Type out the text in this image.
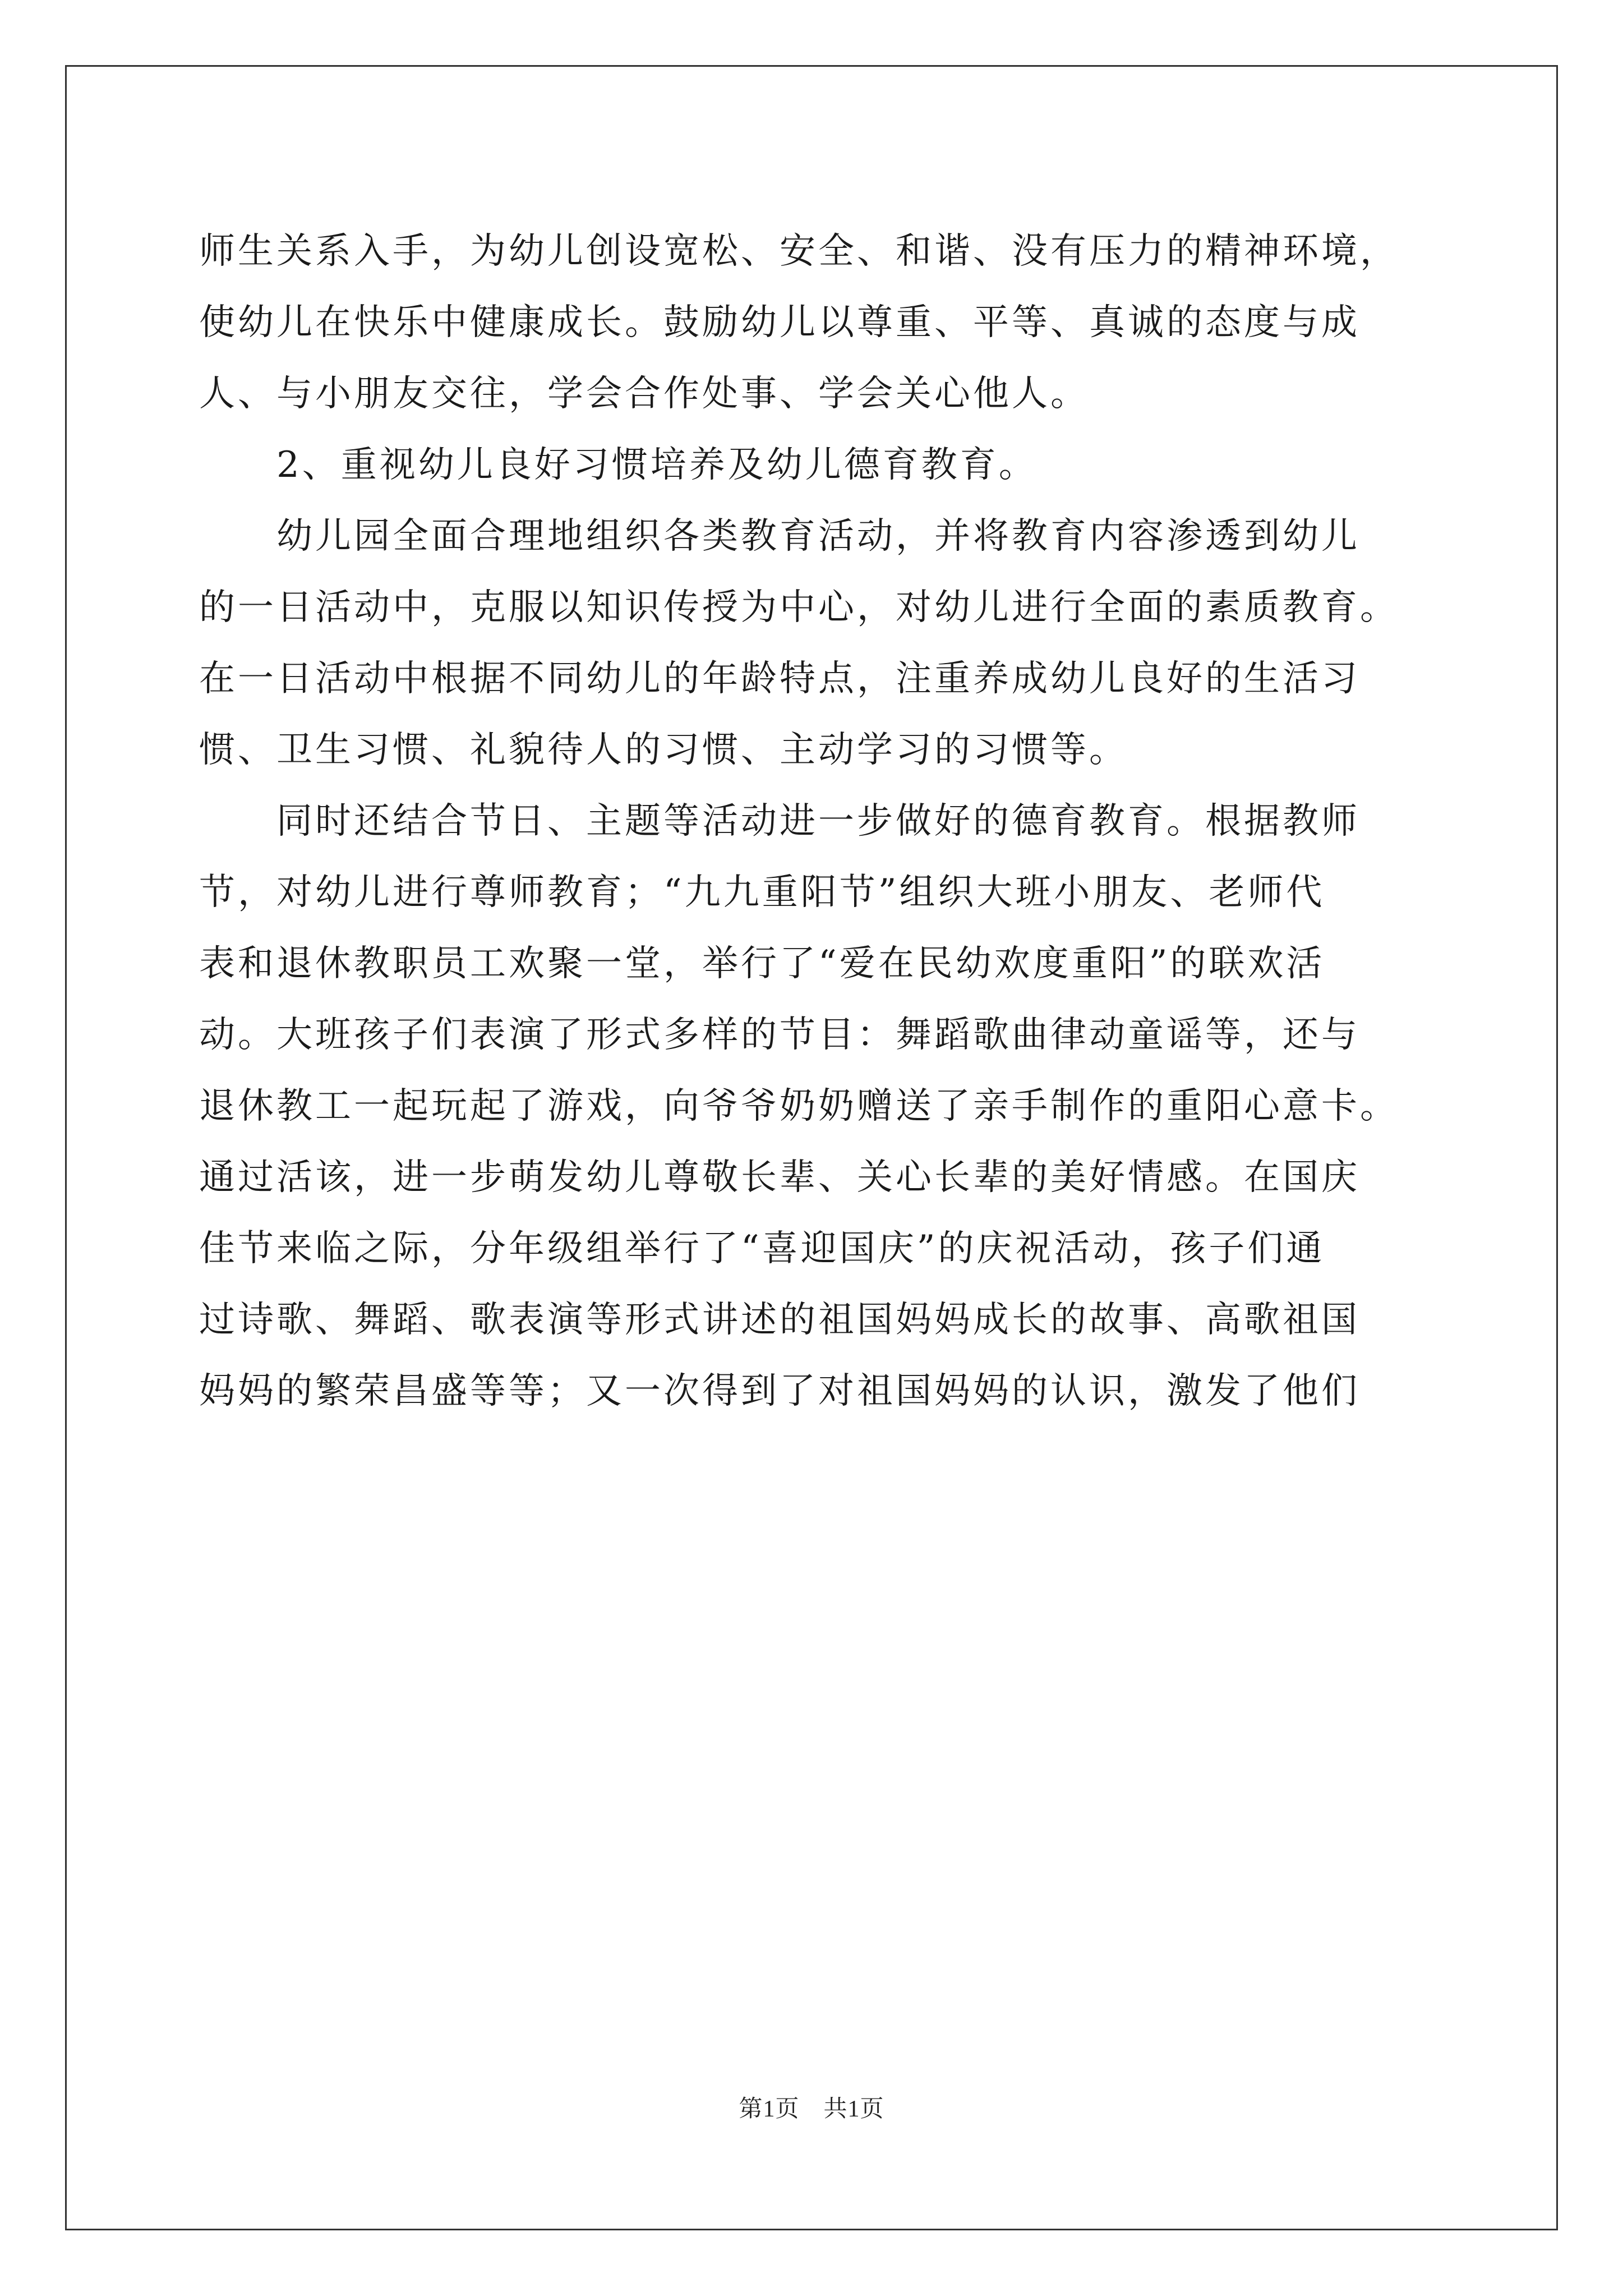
师生关系入手，为幼儿创设宽松、安全、和谐、没有压力的精神环境，
使幼儿在快乐中健康成长。鼓励幼儿以尊重、平等、真诚的态度与成
人、与小朋友交往，学会合作处事、学会关心他人。
　　2、重视幼儿良好习惯培养及幼儿德育教育。
　　幼儿园全面合理地组织各类教育活动，并将教育内容渗透到幼儿
的一日活动中，克服以知识传授为中心，对幼儿进行全面的素质教育。
在一日活动中根据不同幼儿的年龄特点，注重养成幼儿良好的生活习
惯、卫生习惯、礼貌待人的习惯、主动学习的习惯等。
　　同时还结合节日、主题等活动进一步做好的德育教育。根据教师
节，对幼儿进行尊师教育；“九九重阳节”组织大班小朋友、老师代
表和退休教职员工欢聚一堂，举行了“爱在民幼欢度重阳”的联欢活
动。大班孩子们表演了形式多样的节目：舞蹈歌曲律动童谣等，还与
退休教工一起玩起了游戏，向爷爷奶奶赠送了亲手制作的重阳心意卡。
通过活该，进一步萌发幼儿尊敬长辈、关心长辈的美好情感。在国庆
佳节来临之际，分年级组举行了“喜迎国庆”的庆祝活动，孩子们通
过诗歌、舞蹈、歌表演等形式讲述的祖国妈妈成长的故事、高歌祖国
妈妈的繁荣昌盛等等；又一次得到了对祖国妈妈的认识，激发了他们
第1页　共1页
